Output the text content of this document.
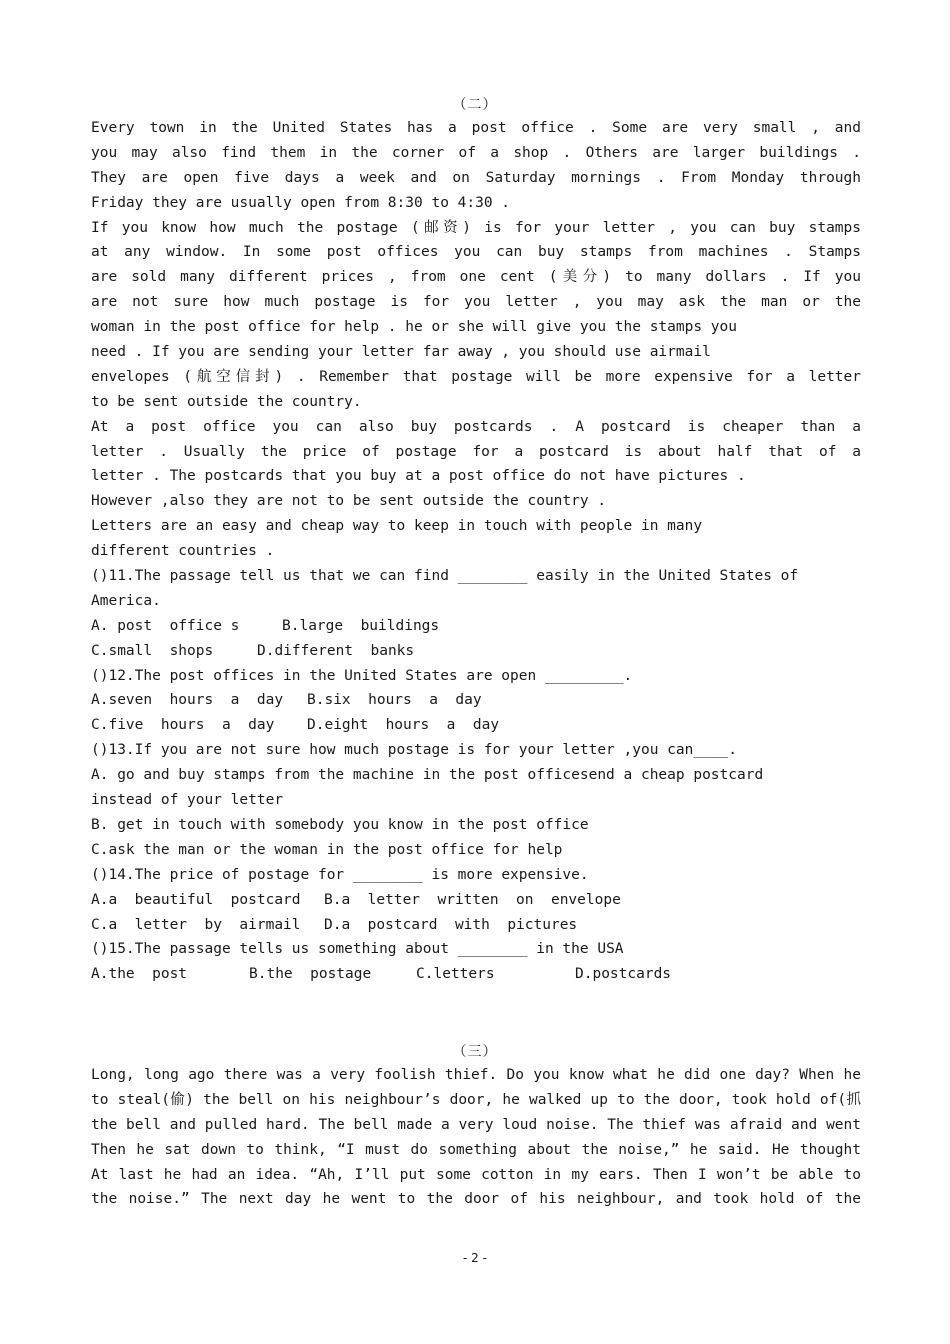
（二）
Every town in the United States has a post office . Some are very small , and
you may also find them in the corner of a shop . Others are larger buildings .
They are open five days a week and on Saturday mornings . From Monday through
Friday they are usually open from 8:30 to 4:30 .
If you know how much the postage (邮资) is for your letter , you can buy stamps
at any window. In some post offices you can buy stamps from machines . Stamps
are sold many different prices , from one cent (美分) to many dollars . If you
are not sure how much postage is for you letter , you may ask the man or the
woman in the post office for help . he or she will give you the stamps you
need . If you are sending your letter far away , you should use airmail
envelopes (航空信封) . Remember that postage will be more expensive for a letter
to be sent outside the country.
At a post office you can also buy postcards . A postcard is cheaper than a
letter . Usually the price of postage for a postcard is about half that of a
letter . The postcards that you buy at a post office do not have pictures .
However ,also they are not to be sent outside the country .
Letters are an easy and cheap way to keep in touch with people in many
different countries .
()11.The passage tell us that we can find ________ easily in the United States of
America.
A. post  office s	B.large  buildings
C.small  shops	D.different  banks
()12.The post offices in the United States are open _________.
A.seven  hours  a  day B.six  hours  a  day
C.five  hours  a  day D.eight  hours  a  day
()13.If you are not sure how much postage is for your letter ,you can____.
A. go and buy stamps from the machine in the post officesend a cheap postcard
instead of your letter
B. get in touch with somebody you know in the post office
C.ask the man or the woman in the post office for help
()14.The price of postage for ________ is more expensive.
A.a  beautiful  postcard B.a  letter  written  on  envelope
C.a  letter  by  airmail D.a  postcard  with  pictures
()15.The passage tells us something about ________ in the USA
A.the  post	B.the  postage	C.letters	D.postcards
（三）
Long, long ago there was a very foolish thief. Do you know what he did one day? When he
to steal(偷) the bell on his neighbour’s door, he walked up to the door, took hold of(抓
the bell and pulled hard. The bell made a very loud noise. The thief was afraid and went
Then he sat down to think, “I must do something about the noise,” he said. He thought
At last he had an idea. “Ah, I’ll put some cotton in my ears. Then I won’t be able to
the noise.” The next day he went to the door of his neighbour, and took hold of the
- 2 -
